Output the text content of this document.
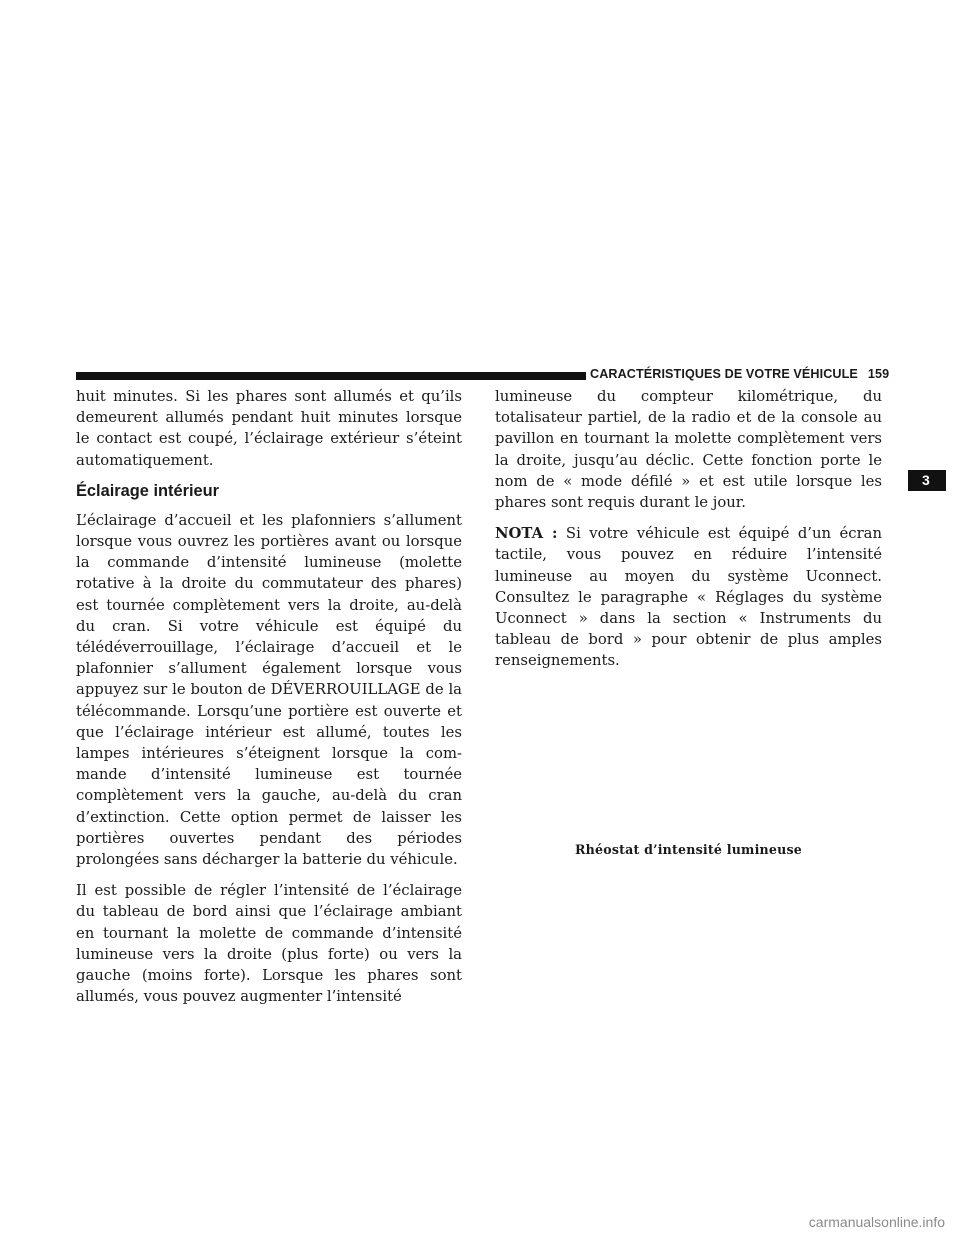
CARACTÉRISTIQUES DE VOTRE VÉHICULE 159

huit minutes. Si les phares sont allumés et qu’ils demeurent allumés pendant huit minutes lorsque le contact est coupé, l’éclairage extérieur s’éteint automatiquement.

Éclairage intérieur

L’éclairage d’accueil et les plafonniers s’allument lorsque vous ouvrez les portières avant ou lorsque la commande d’intensité lumineuse (molette rotative à la droite du commutateur des phares) est tournée complètement vers la droite, au-delà du cran. Si votre véhicule est équipé du télédéverrouillage, l’éclairage d’accueil et le plafonnier s’allument également lorsque vous appuyez sur le bouton de DÉVERROUILLAGE de la télécommande. Lorsqu’une portière est ouverte et que l’éclairage intérieur est allumé, toutes les lampes intérieures s’éteignent lorsque la commande d’intensité lumineuse est tournée complètement vers la gauche, au-delà du cran d’extinction. Cette option permet de laisser les portières ouvertes pendant des périodes prolongées sans décharger la batterie du véhicule.

Il est possible de régler l’intensité de l’éclairage du tableau de bord ainsi que l’éclairage ambiant en tournant la molette de commande d’intensité lumineuse vers la droite (plus forte) ou vers la gauche (moins forte). Lorsque les phares sont allumés, vous pouvez augmenter l’intensité

lumineuse du compteur kilométrique, du totalisateur partiel, de la radio et de la console au pavillon en tournant la molette complètement vers la droite, jusqu’au déclic. Cette fonction porte le nom de « mode défilé » et est utile lorsque les phares sont requis durant le jour.

NOTA : Si votre véhicule est équipé d’un écran tactile, vous pouvez en réduire l’intensité lumineuse au moyen du système Uconnect. Consultez le paragraphe « Réglages du système Uconnect » dans la section « Instruments du tableau de bord » pour obtenir de plus amples renseignements.

3
Rhéostat d’intensité lumineuse
carmanualsonline.info
